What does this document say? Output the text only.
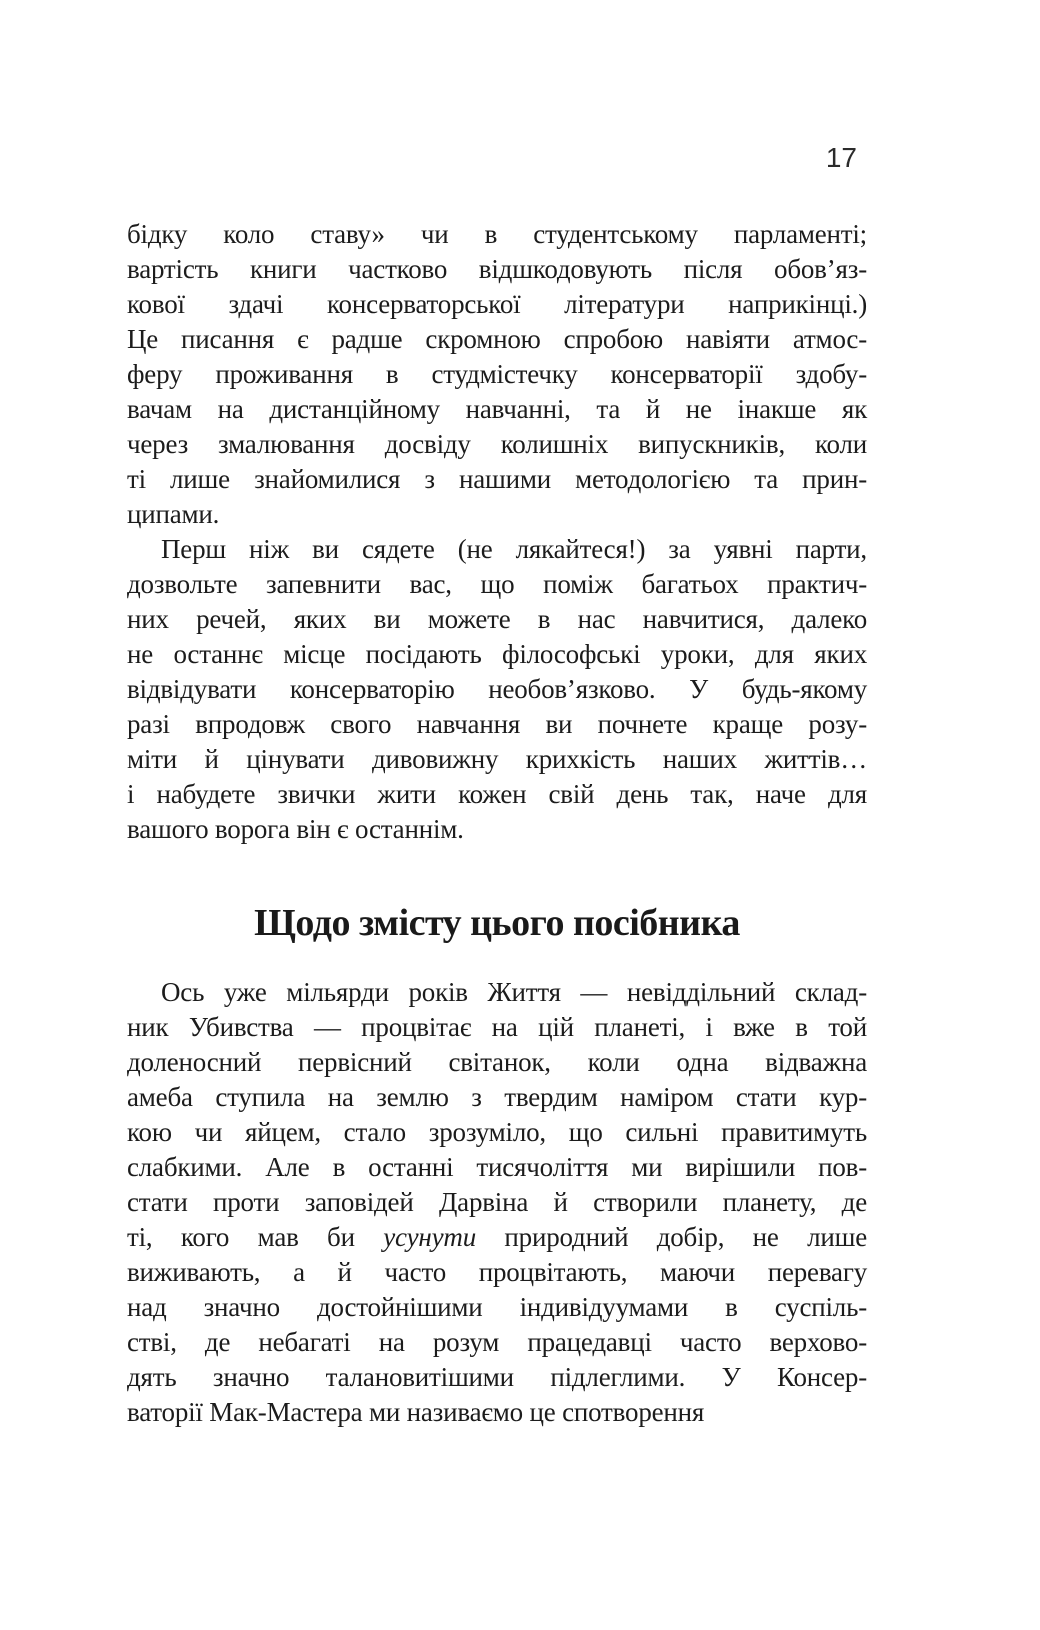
17

бідку коло ставу» чи в студентському парламенті;
вартість книги частково відшкодовують після обов’яз-
кової здачі консерваторської літератури наприкінці.)
Це писання є радше скромною спробою навіяти атмос-
феру проживання в студмістечку консерваторії здобу-
вачам на дистанційному навчанні, та й не інакше як
через змалювання досвіду колишніх випускників, коли
ті лише знайомилися з нашими методологією та прин-
ципами.

Перш ніж ви сядете (не лякайтеся!) за уявні парти,
дозвольте запевнити вас, що поміж багатьох практич-
них речей, яких ви можете в нас навчитися, далеко
не останнє місце посідають філософські уроки, для яких
відвідувати консерваторію необов’язково. У будь-якому
разі впродовж свого навчання ви почнете краще розу-
міти й цінувати дивовижну крихкість наших життів…
і набудете звички жити кожен свій день так, наче для
вашого ворога він є останнім.

Щодо змісту цього посібника

Ось уже мільярди років Життя — невіддільний склад-
ник Убивства — процвітає на цій планеті, і вже в той
доленосний первісний світанок, коли одна відважна
амеба ступила на землю з твердим наміром стати кур-
кою чи яйцем, стало зрозуміло, що сильні правитимуть
слабкими. Але в останні тисячоліття ми вирішили пов-
стати проти заповідей Дарвіна й створили планету, де
ті, кого мав би усунути природний добір, не лише
виживають, а й часто процвітають, маючи перевагу
над значно достойнішими індивідуумами в суспіль-
стві, де небагаті на розум працедавці часто верхово-
дять значно талановитішими підлеглими. У Консер-
ваторії Мак-Мастера ми називаємо це спотворення
